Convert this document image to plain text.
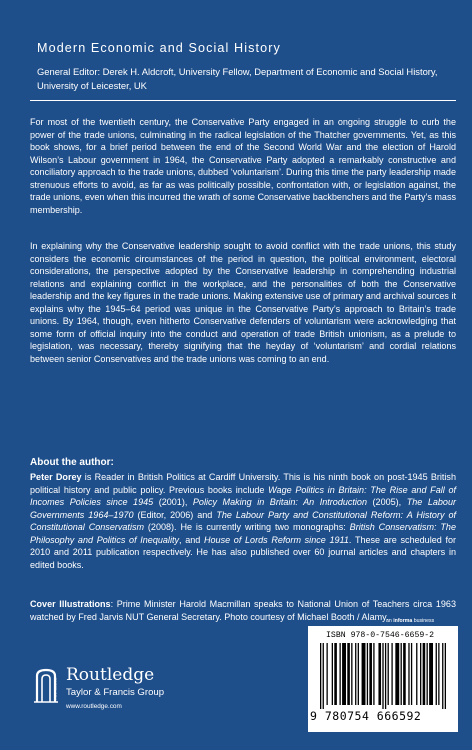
Modern Economic and Social History
General Editor: Derek H. Aldcroft, University Fellow, Department of Economic and Social History, University of Leicester, UK
For most of the twentieth century, the Conservative Party engaged in an ongoing struggle to curb the power of the trade unions, culminating in the radical legislation of the Thatcher governments. Yet, as this book shows, for a brief period between the end of the Second World War and the election of Harold Wilson’s Labour government in 1964, the Conservative Party adopted a remarkably constructive and conciliatory approach to the trade unions, dubbed ‘voluntarism’. During this time the party leadership made strenuous efforts to avoid, as far as was politically possible, confrontation with, or legislation against, the trade unions, even when this incurred the wrath of some Conservative backbenchers and the Party’s mass membership.
In explaining why the Conservative leadership sought to avoid conflict with the trade unions, this study considers the economic circumstances of the period in question, the political environment, electoral considerations, the perspective adopted by the Conservative leadership in comprehending industrial relations and explaining conflict in the workplace, and the personalities of both the Conservative leadership and the key figures in the trade unions. Making extensive use of primary and archival sources it explains why the 1945–64 period was unique in the Conservative Party’s approach to Britain’s trade unions. By 1964, though, even hitherto Conservative defenders of voluntarism were acknowledging that some form of official inquiry into the conduct and operation of trade British unionism, as a prelude to legislation, was necessary, thereby signifying that the heyday of ‘voluntarism’ and cordial relations between senior Conservatives and the trade unions was coming to an end.
About the author:
Peter Dorey is Reader in British Politics at Cardiff University. This is his ninth book on post-1945 British political history and public policy. Previous books include Wage Politics in Britain: The Rise and Fall of Incomes Policies since 1945 (2001), Policy Making in Britain: An Introduction (2005), The Labour Governments 1964–1970 (Editor, 2006) and The Labour Party and Constitutional Reform: A History of Constitutional Conservatism (2008). He is currently writing two monographs: British Conservatism: The Philosophy and Politics of Inequality, and House of Lords Reform since 1911. These are scheduled for 2010 and 2011 publication respectively. He has also published over 60 journal articles and chapters in edited books.
Cover Illustrations: Prime Minister Harold Macmillan speaks to National Union of Teachers circa 1963 watched by Fred Jarvis NUT General Secretary. Photo courtesy of Michael Booth / Alamy.
an informa business
ISBN 978-0-7546-6659-2
9 780754 666592
ROUTLEDGE
Routledge
Taylor & Francis Group
www.routledge.com
